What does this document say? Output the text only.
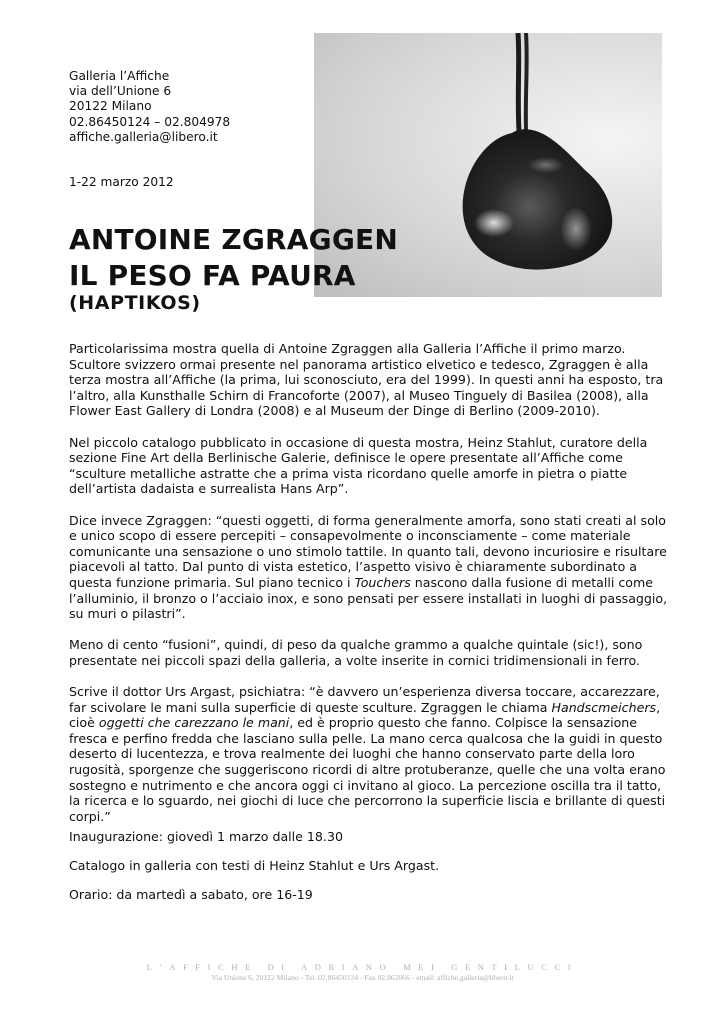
Galleria l’Affiche
via dell’Unione 6
20122 Milano
02.86450124 – 02.804978
affiche.galleria@libero.it
1-22 marzo 2012
ANTOINE ZGRAGGEN
IL PESO FA PAURA
(HAPTIKOS)

Particolarissima mostra quella di Antoine Zgraggen alla Galleria l’Affiche il primo marzo.
Scultore svizzero ormai presente nel panorama artistico elvetico e tedesco, Zgraggen è alla
terza mostra all’Affiche (la prima, lui sconosciuto, era del 1999). In questi anni ha esposto, tra
l’altro, alla Kunsthalle Schirn di Francoforte (2007), al Museo Tinguely di Basilea (2008), alla
Flower East Gallery di Londra (2008) e al Museum der Dinge di Berlino (2009-2010).

Nel piccolo catalogo pubblicato in occasione di questa mostra, Heinz Stahlut, curatore della
sezione Fine Art della Berlinische Galerie, definisce le opere presentate all’Affiche come
“sculture metalliche astratte che a prima vista ricordano quelle amorfe in pietra o piatte
dell’artista dadaista e surrealista Hans Arp”.

Dice invece Zgraggen: “questi oggetti, di forma generalmente amorfa, sono stati creati al solo
e unico scopo di essere percepiti – consapevolmente o inconsciamente – come materiale
comunicante una sensazione o uno stimolo tattile. In quanto tali, devono incuriosire e risultare
piacevoli al tatto. Dal punto di vista estetico, l’aspetto visivo è chiaramente subordinato a
questa funzione primaria. Sul piano tecnico i Touchers nascono dalla fusione di metalli come
l’alluminio, il bronzo o l’acciaio inox, e sono pensati per essere installati in luoghi di passaggio,
su muri o pilastri”.

Meno di cento “fusioni”, quindi, di peso da qualche grammo a qualche quintale (sic!), sono
presentate nei piccoli spazi della galleria, a volte inserite in cornici tridimensionali in ferro.

Scrive il dottor Urs Argast, psichiatra: “è davvero un’esperienza diversa toccare, accarezzare,
far scivolare le mani sulla superficie di queste sculture. Zgraggen le chiama Handscmeichers,
cioè oggetti che carezzano le mani, ed è proprio questo che fanno. Colpisce la sensazione
fresca e perfino fredda che lasciano sulla pelle. La mano cerca qualcosa che la guidi in questo
deserto di lucentezza, e trova realmente dei luoghi che hanno conservato parte della loro
rugosità, sporgenze che suggeriscono ricordi di altre protuberanze, quelle che una volta erano
sostegno e nutrimento e che ancora oggi ci invitano al gioco. La percezione oscilla tra il tatto,
la ricerca e lo sguardo, nei giochi di luce che percorrono la superficie liscia e brillante di questi
corpi.”

Inaugurazione: giovedì 1 marzo dalle 18.30
Catalogo in galleria con testi di Heinz Stahlut e Urs Argast.
Orario: da martedì a sabato, ore 16-19
L’AFFICHE DI ADRIANO MEI GENTILUCCI
Via Unione 6, 20122 Milano - Tel. 02.86450124 - Fax 02.862866 - email: affiche.galleria@libero.it
